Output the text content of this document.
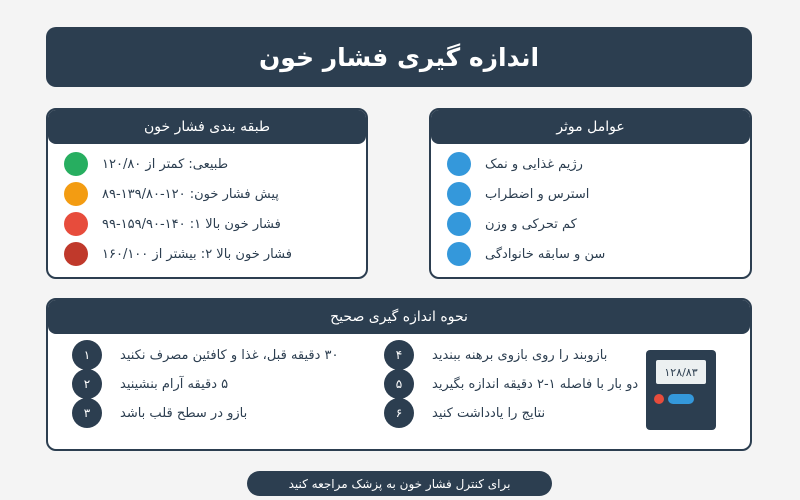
اندازه گیری فشار خون
طبقه بندی فشار خون
طبیعی: کمتر از ۱۲۰/۸۰
پیش فشار خون: ۱۲۰-۱۳۹/۸۰-۸۹
فشار خون بالا ۱: ۱۴۰-۱۵۹/۹۰-۹۹
فشار خون بالا ۲: بیشتر از ۱۶۰/۱۰۰
عوامل موثر
رژیم غذایی و نمک
استرس و اضطراب
کم تحرکی و وزن
سن و سابقه خانوادگی
نحوه اندازه گیری صحیح
۱	۳۰ دقیقه قبل، غذا و کافئین مصرف نکنید
۲	۵ دقیقه آرام بنشینید
۳	بازو در سطح قلب باشد
۴	بازوبند را روی بازوی برهنه ببندید
۵	دو بار با فاصله ۱-۲ دقیقه اندازه بگیرید
۶	نتایج را یادداشت کنید
۱۲۸/۸۳
برای کنترل فشار خون به پزشک مراجعه کنید
